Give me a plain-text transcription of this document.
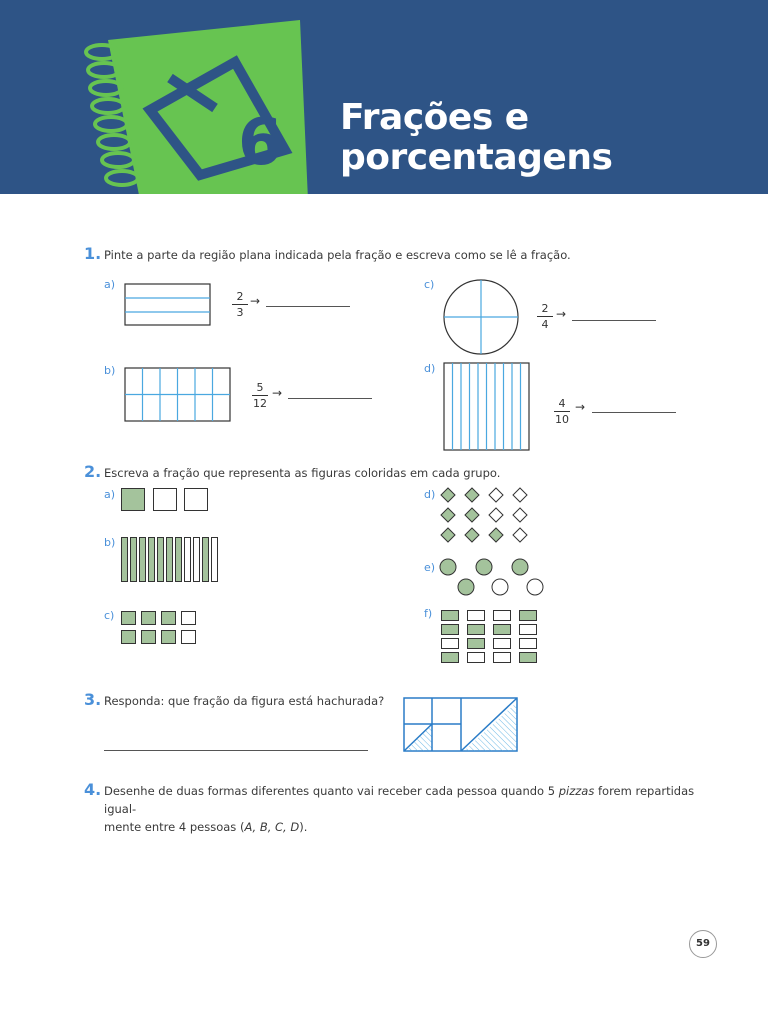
6 Frações e
porcentagens
1. Pinte a parte da região plana indicada pela fração e escreva como se lê a fração.
a)
2
3
→
b)
5
12
→
c)
2
4
→
d)
4
10
→
2. Escreva a fração que representa as figuras coloridas em cada grupo.
a)
b)
c)
d)
e)
f)
3. Responda: que fração da figura está hachurada?
4. Desenhe de duas formas diferentes quanto vai receber cada pessoa quando 5 pizzas forem repartidas igual-
mente entre 4 pessoas (A, B, C, D).
59
